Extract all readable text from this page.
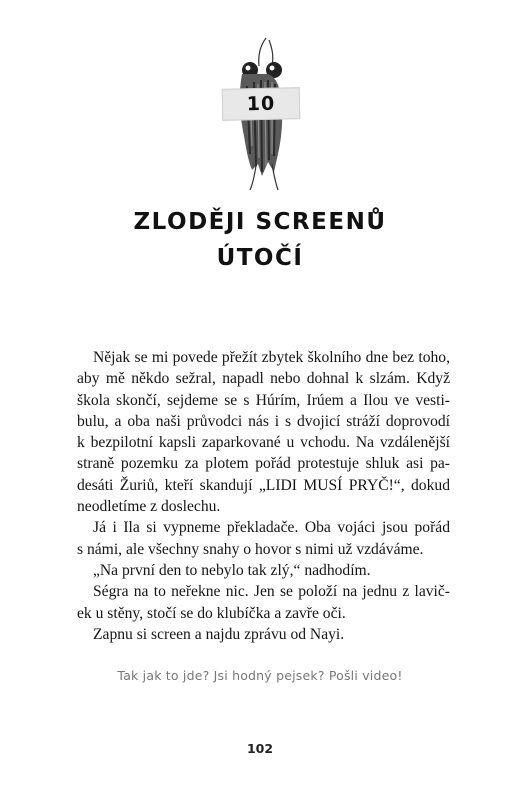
10
ZLODĚJI SCREENŮ
ÚTOČÍ
Nějak se mi povede přežít zbytek školního dne bez toho,
aby mě někdo sežral, napadl nebo dohnal k slzám. Když
škola skončí, sejdeme se s Húrím, Irúem a Ilou ve vesti-
bulu, a oba naši průvodci nás i s dvojicí stráží doprovodí
k bezpilotní kapsli zaparkované u vchodu. Na vzdálenější
straně pozemku za plotem pořád protestuje shluk asi pa-
desáti Žuriů, kteří skandují „LIDI MUSÍ PRYČ!“, dokud
neodletíme z doslechu.
Já i Ila si vypneme překladače. Oba vojáci jsou pořád
s námi, ale všechny snahy o hovor s nimi už vzdáváme.
„Na první den to nebylo tak zlý,“ nadhodím.
Ségra na to neřekne nic. Jen se položí na jednu z lavič-
ek u stěny, stočí se do klubíčka a zavře oči.
Zapnu si screen a najdu zprávu od Nayi.
Tak jak to jde? Jsi hodný pejsek? Pošli video!
102
